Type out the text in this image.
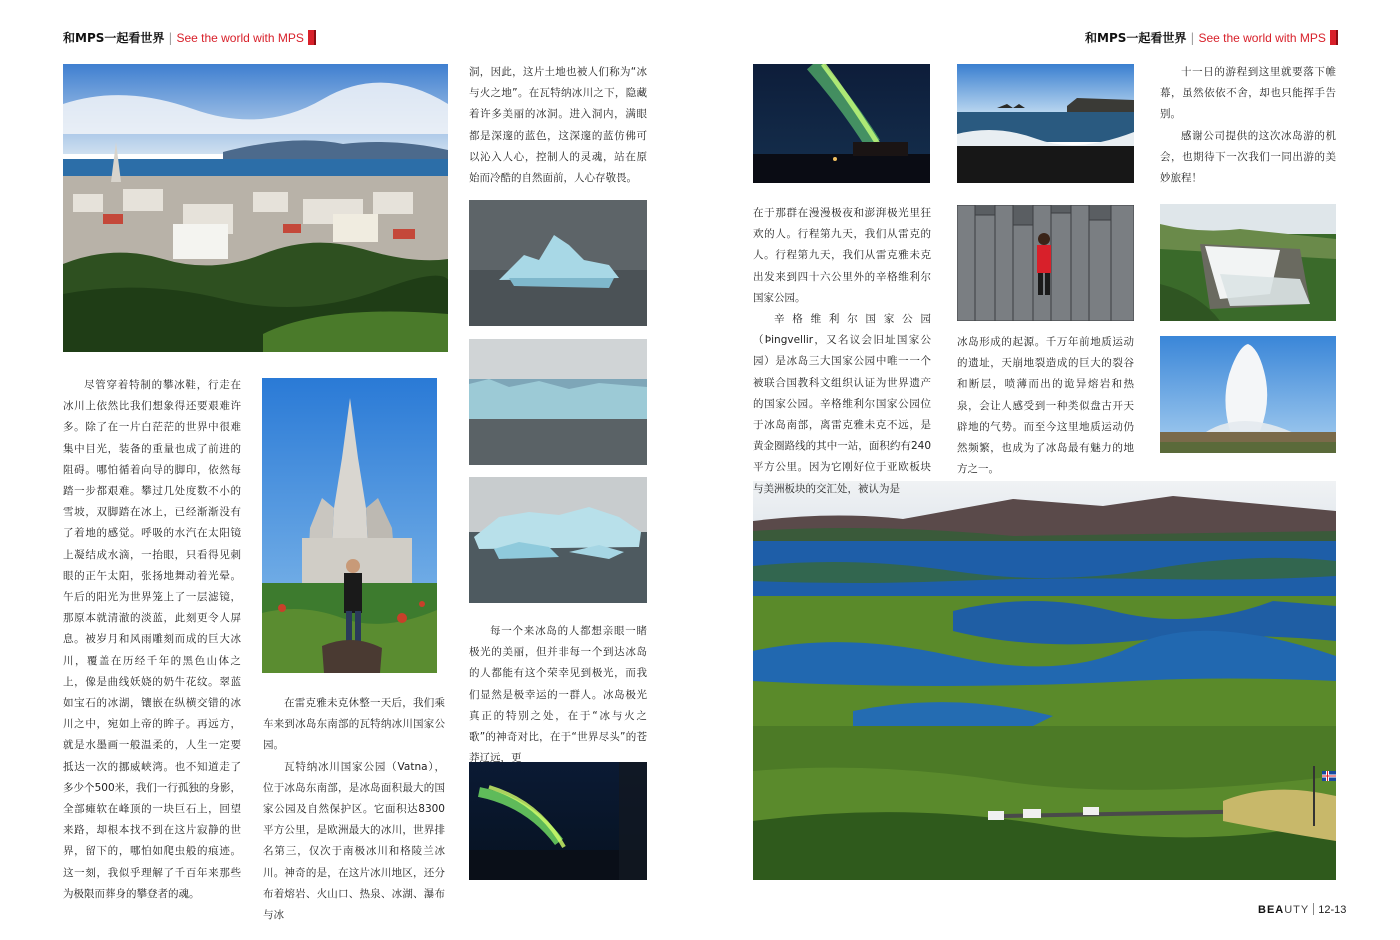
和MPS一起看世界 | See the world with MPS	和MPS一起看世界 | See the world with MPS

尽管穿着特制的攀冰鞋，行走在冰川上依然比我们想象得还要艰难许多。除了在一片白茫茫的世界中很难集中目光，装备的重量也成了前进的阻碍。哪怕循着向导的脚印，依然每踏一步都艰难。攀过几处度数不小的雪坡，双脚踏在冰上，已经渐渐没有了着地的感觉。呼吸的水汽在太阳镜上凝结成水滴，一抬眼，只看得见刺眼的正午太阳，张扬地舞动着光晕。午后的阳光为世界笼上了一层滤镜，那原本就清澈的淡蓝，此刻更令人屏息。被岁月和风雨雕刻而成的巨大冰川，覆盖在历经千年的黑色山体之上，像是曲线妖娆的奶牛花纹。翠蓝如宝石的冰湖，镶嵌在纵横交错的冰川之中，宛如上帝的眸子。再远方，就是水墨画一般温柔的，人生一定要抵达一次的挪威峡湾。也不知道走了多少个500米，我们一行孤独的身影，全部瘫软在峰顶的一块巨石上，回望来路，却根本找不到在这片寂静的世界，留下的，哪怕如爬虫般的痕迹。这一刻，我似乎理解了千百年来那些为极限而葬身的攀登者的魂。

在雷克雅未克休整一天后，我们乘车来到冰岛东南部的瓦特纳冰川国家公园。

瓦特纳冰川国家公园（Vatna），位于冰岛东南部，是冰岛面积最大的国家公园及自然保护区。它面积达8300平方公里，是欧洲最大的冰川，世界排名第三，仅次于南极冰川和格陵兰冰川。神奇的是，在这片冰川地区，还分布着熔岩、火山口、热泉、冰湖、瀑布与冰

洞，因此，这片土地也被人们称为“冰与火之地”。在瓦特纳冰川之下，隐藏着许多美丽的冰洞。进入洞内，满眼都是深邃的蓝色，这深邃的蓝仿佛可以沁入人心，控制人的灵魂，站在原始而冷酷的自然面前，人心存敬畏。

每一个来冰岛的人都想亲眼一睹极光的美丽，但并非每一个到达冰岛的人都能有这个荣幸见到极光，而我们显然是极幸运的一群人。冰岛极光真正的特别之处，在于“冰与火之歌”的神奇对比，在于“世界尽头”的苍莽辽远，更

在于那群在漫漫极夜和澎湃极光里狂欢的人。行程第九天，我们从雷克的人。行程第九天，我们从雷克雅未克出发来到四十六公里外的辛格维利尔国家公园。

辛格维利尔国家公园（Þingvellir，又名议会旧址国家公园）是冰岛三大国家公园中唯一一个被联合国教科文组织认证为世界遗产的国家公园。辛格维利尔国家公园位于冰岛南部，离雷克雅未克不远，是黄金圈路线的其中一站，面积约有240平方公里。因为它刚好位于亚欧板块与美洲板块的交汇处，被认为是

冰岛形成的起源。千万年前地质运动的遗址，天崩地裂造成的巨大的裂谷和断层，喷薄而出的诡异熔岩和热泉，会让人感受到一种类似盘古开天辟地的气势。而至今这里地质运动仍然频繁，也成为了冰岛最有魅力的地方之一。

十一日的游程到这里就要落下帷幕，虽然依依不舍，却也只能挥手告别。

感谢公司提供的这次冰岛游的机会，也期待下一次我们一同出游的美妙旅程！

BEAUTY 12-13
